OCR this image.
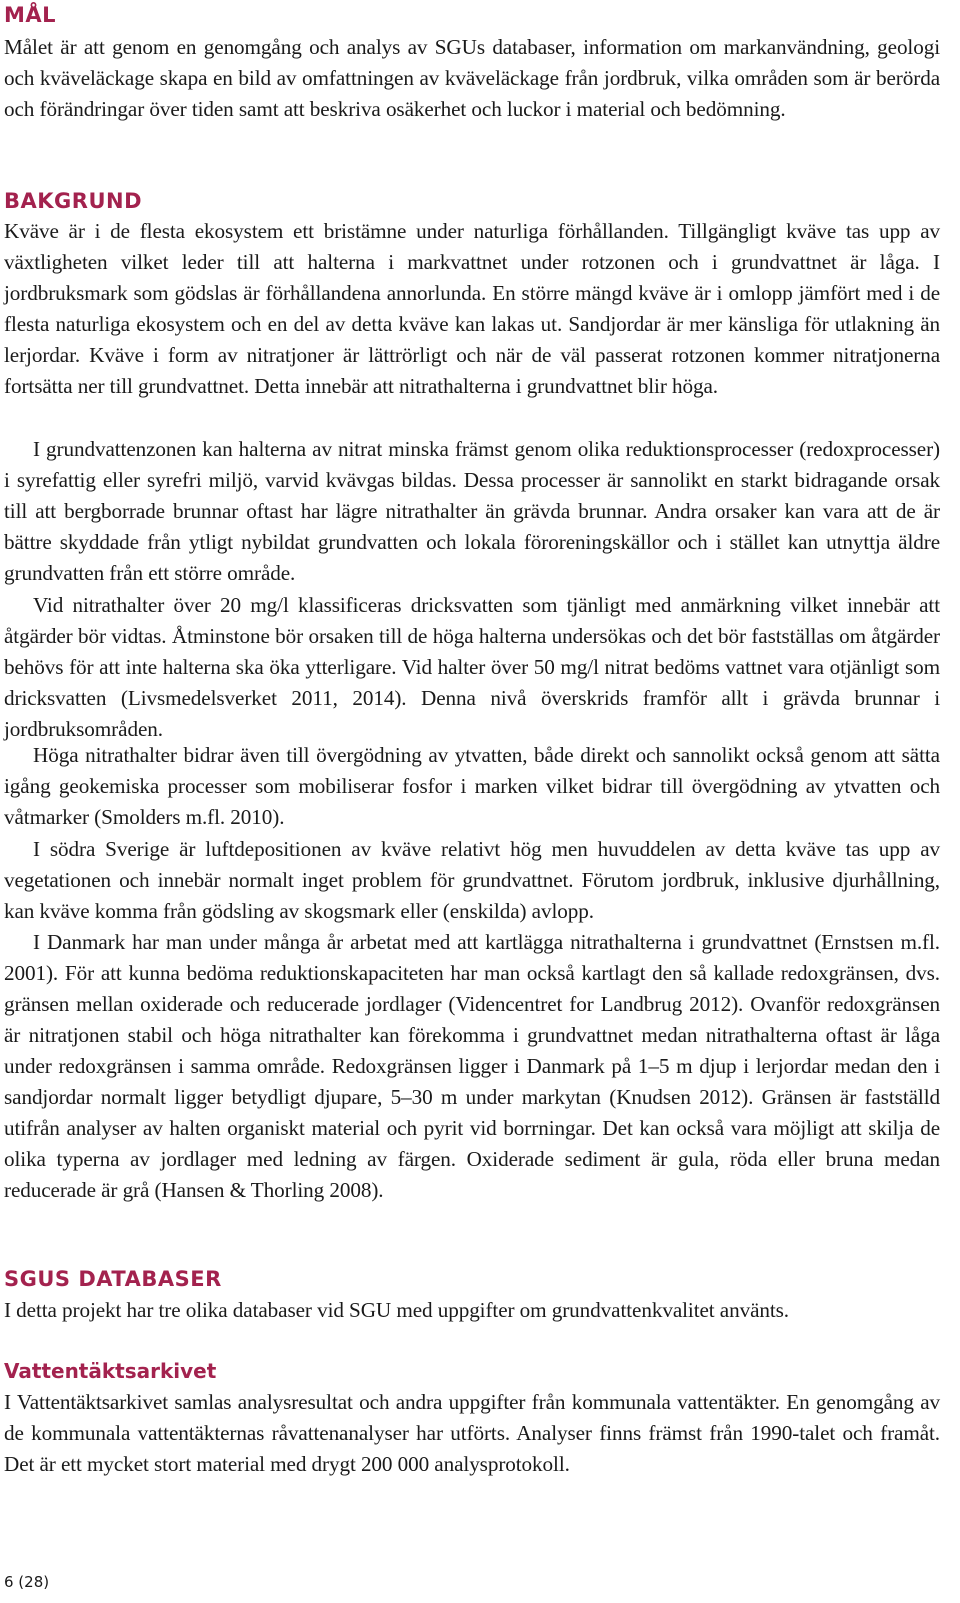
MÅL

Målet är att genom en genomgång och analys av SGUs databaser, information om markanvändning, geologi och kväveläckage skapa en bild av omfattningen av kväveläckage från jordbruk, vilka områden som är berörda och förändringar över tiden samt att beskriva osäkerhet och luckor i material och bedömning.

BAKGRUND

Kväve är i de flesta ekosystem ett bristämne under naturliga förhållanden. Tillgängligt kväve tas upp av växtligheten vilket leder till att halterna i markvattnet under rotzonen och i grundvattnet är låga. I jordbruksmark som gödslas är förhållandena annorlunda. En större mängd kväve är i omlopp jämfört med i de flesta naturliga ekosystem och en del av detta kväve kan lakas ut. Sandjordar är mer känsliga för utlakning än lerjordar. Kväve i form av nitratjoner är lättrörligt och när de väl passerat rotzonen kommer nitratjonerna fortsätta ner till grundvattnet. Detta innebär att nitrathalterna i grundvattnet blir höga.

I grundvattenzonen kan halterna av nitrat minska främst genom olika reduktionsprocesser (redoxprocesser) i syrefattig eller syrefri miljö, varvid kvävgas bildas. Dessa processer är sannolikt en starkt bidragande orsak till att bergborrade brunnar oftast har lägre nitrathalter än grävda brunnar. Andra orsaker kan vara att de är bättre skyddade från ytligt nybildat grundvatten och lokala föroreningskällor och i stället kan utnyttja äldre grundvatten från ett större område.

Vid nitrathalter över 20 mg/l klassificeras dricksvatten som tjänligt med anmärkning vilket innebär att åtgärder bör vidtas. Åtminstone bör orsaken till de höga halterna undersökas och det bör fastställas om åtgärder behövs för att inte halterna ska öka ytterligare. Vid halter över 50 mg/l nitrat bedöms vattnet vara otjänligt som dricksvatten (Livsmedelsverket 2011, 2014). Denna nivå överskrids framför allt i grävda brunnar i jordbruksområden.

Höga nitrathalter bidrar även till övergödning av ytvatten, både direkt och sannolikt också genom att sätta igång geokemiska processer som mobiliserar fosfor i marken vilket bidrar till övergödning av ytvatten och våtmarker (Smolders m.fl. 2010).

I södra Sverige är luftdepositionen av kväve relativt hög men huvuddelen av detta kväve tas upp av vegetationen och innebär normalt inget problem för grundvattnet. Förutom jordbruk, inklusive djurhållning, kan kväve komma från gödsling av skogsmark eller (enskilda) avlopp.

I Danmark har man under många år arbetat med att kartlägga nitrathalterna i grundvattnet (Ernstsen m.fl. 2001). För att kunna bedöma reduktionskapaciteten har man också kartlagt den så kallade redoxgränsen, dvs. gränsen mellan oxiderade och reducerade jordlager (Videncentret for Landbrug 2012). Ovanför redoxgränsen är nitratjonen stabil och höga nitrathalter kan förekomma i grundvattnet medan nitrathalterna oftast är låga under redoxgränsen i samma område. Redoxgränsen ligger i Danmark på 1–5 m djup i lerjordar medan den i sandjordar normalt ligger betydligt djupare, 5–30 m under markytan (Knudsen 2012). Gränsen är fastställd utifrån analyser av halten organiskt material och pyrit vid borrningar. Det kan också vara möjligt att skilja de olika typerna av jordlager med ledning av färgen. Oxiderade sediment är gula, röda eller bruna medan reducerade är grå (Hansen & Thorling 2008).

SGUS DATABASER

I detta projekt har tre olika databaser vid SGU med uppgifter om grundvattenkvalitet använts.

Vattentäktsarkivet

I Vattentäktsarkivet samlas analysresultat och andra uppgifter från kommunala vattentäkter. En genomgång av de kommunala vattentäkternas råvattenanalyser har utförts. Analyser finns främst från 1990-talet och framåt. Det är ett mycket stort material med drygt 200 000 analysprotokoll.

6 (28)
